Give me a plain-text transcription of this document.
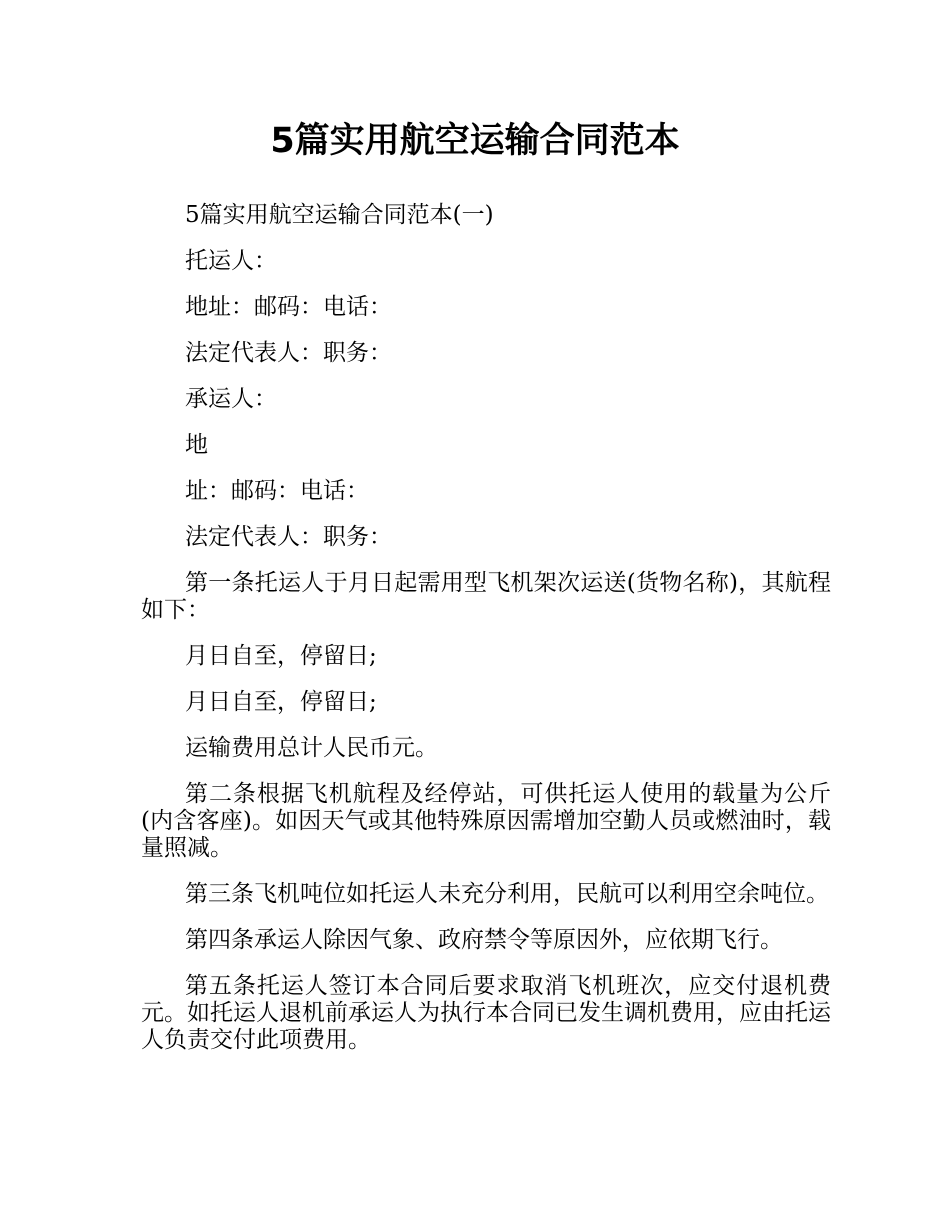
5篇实用航空运输合同范本

5篇实用航空运输合同范本(一)

托运人：

地址：邮码：电话：

法定代表人：职务：

承运人：

地

址：邮码：电话：

法定代表人：职务：

第一条托运人于月日起需用型飞机架次运送(货物名称)，其航程如下：

月日自至，停留日;

月日自至，停留日;

运输费用总计人民币元。

第二条根据飞机航程及经停站，可供托运人使用的载量为公斤(内含客座)。如因天气或其他特殊原因需增加空勤人员或燃油时，载量照减。

第三条飞机吨位如托运人未充分利用，民航可以利用空余吨位。

第四条承运人除因气象、政府禁令等原因外，应依期飞行。

第五条托运人签订本合同后要求取消飞机班次，应交付退机费元。如托运人退机前承运人为执行本合同已发生调机费用，应由托运人负责交付此项费用。
